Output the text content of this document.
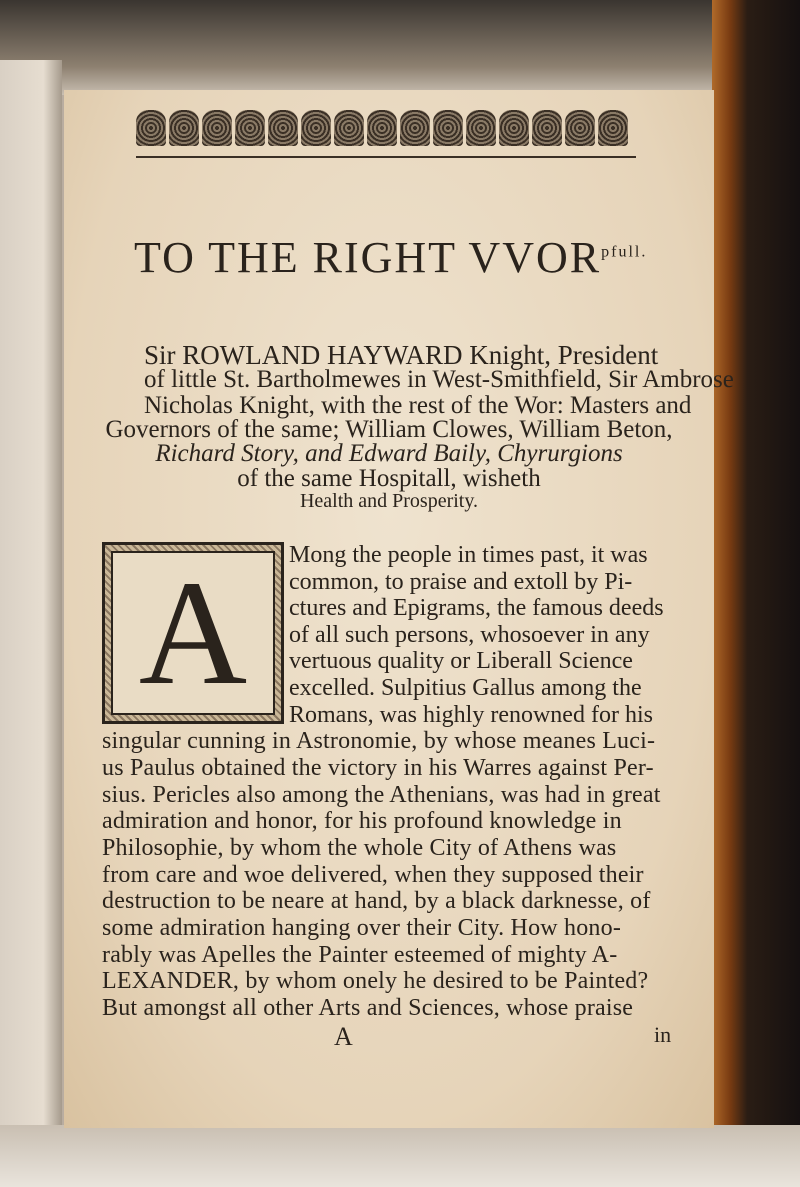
TO THE RIGHT $VVOR^{pfull.}$
Sir ROWLAND HAYWARD Knight, President
of little St. Bartholmewes in West-Smithfield, Sir Ambrose
Nicholas Knight, with the rest of the Wor: Masters and
Governors of the same; William Clowes, William Beton,
Richard Story, and Edward Baily, Chyrurgions
of the same Hospitall, wisheth
Health and Prosperity.
A	Mong the people in times past, it was
common, to praise and extoll by Pi-
ctures and Epigrams, the famous deeds
of all such persons, whosoever in any
vertuous quality or Liberall Science
excelled. Sulpitius Gallus among the
Romans, was highly renowned for his
singular cunning in Astronomie, by whose meanes Luci-
us Paulus obtained the victory in his Warres against Per-
sius. Pericles also among the Athenians, was had in great
admiration and honor, for his profound knowledge in
Philosophie, by whom the whole City of Athens was
from care and woe delivered, when they supposed their
destruction to be neare at hand, by a black darknesse, of
some admiration hanging over their City. How hono-
rably was Apelles the Painter esteemed of mighty A-
LEXANDER, by whom onely he desired to be Painted?
But amongst all other Arts and Sciences, whose praise
A	in
